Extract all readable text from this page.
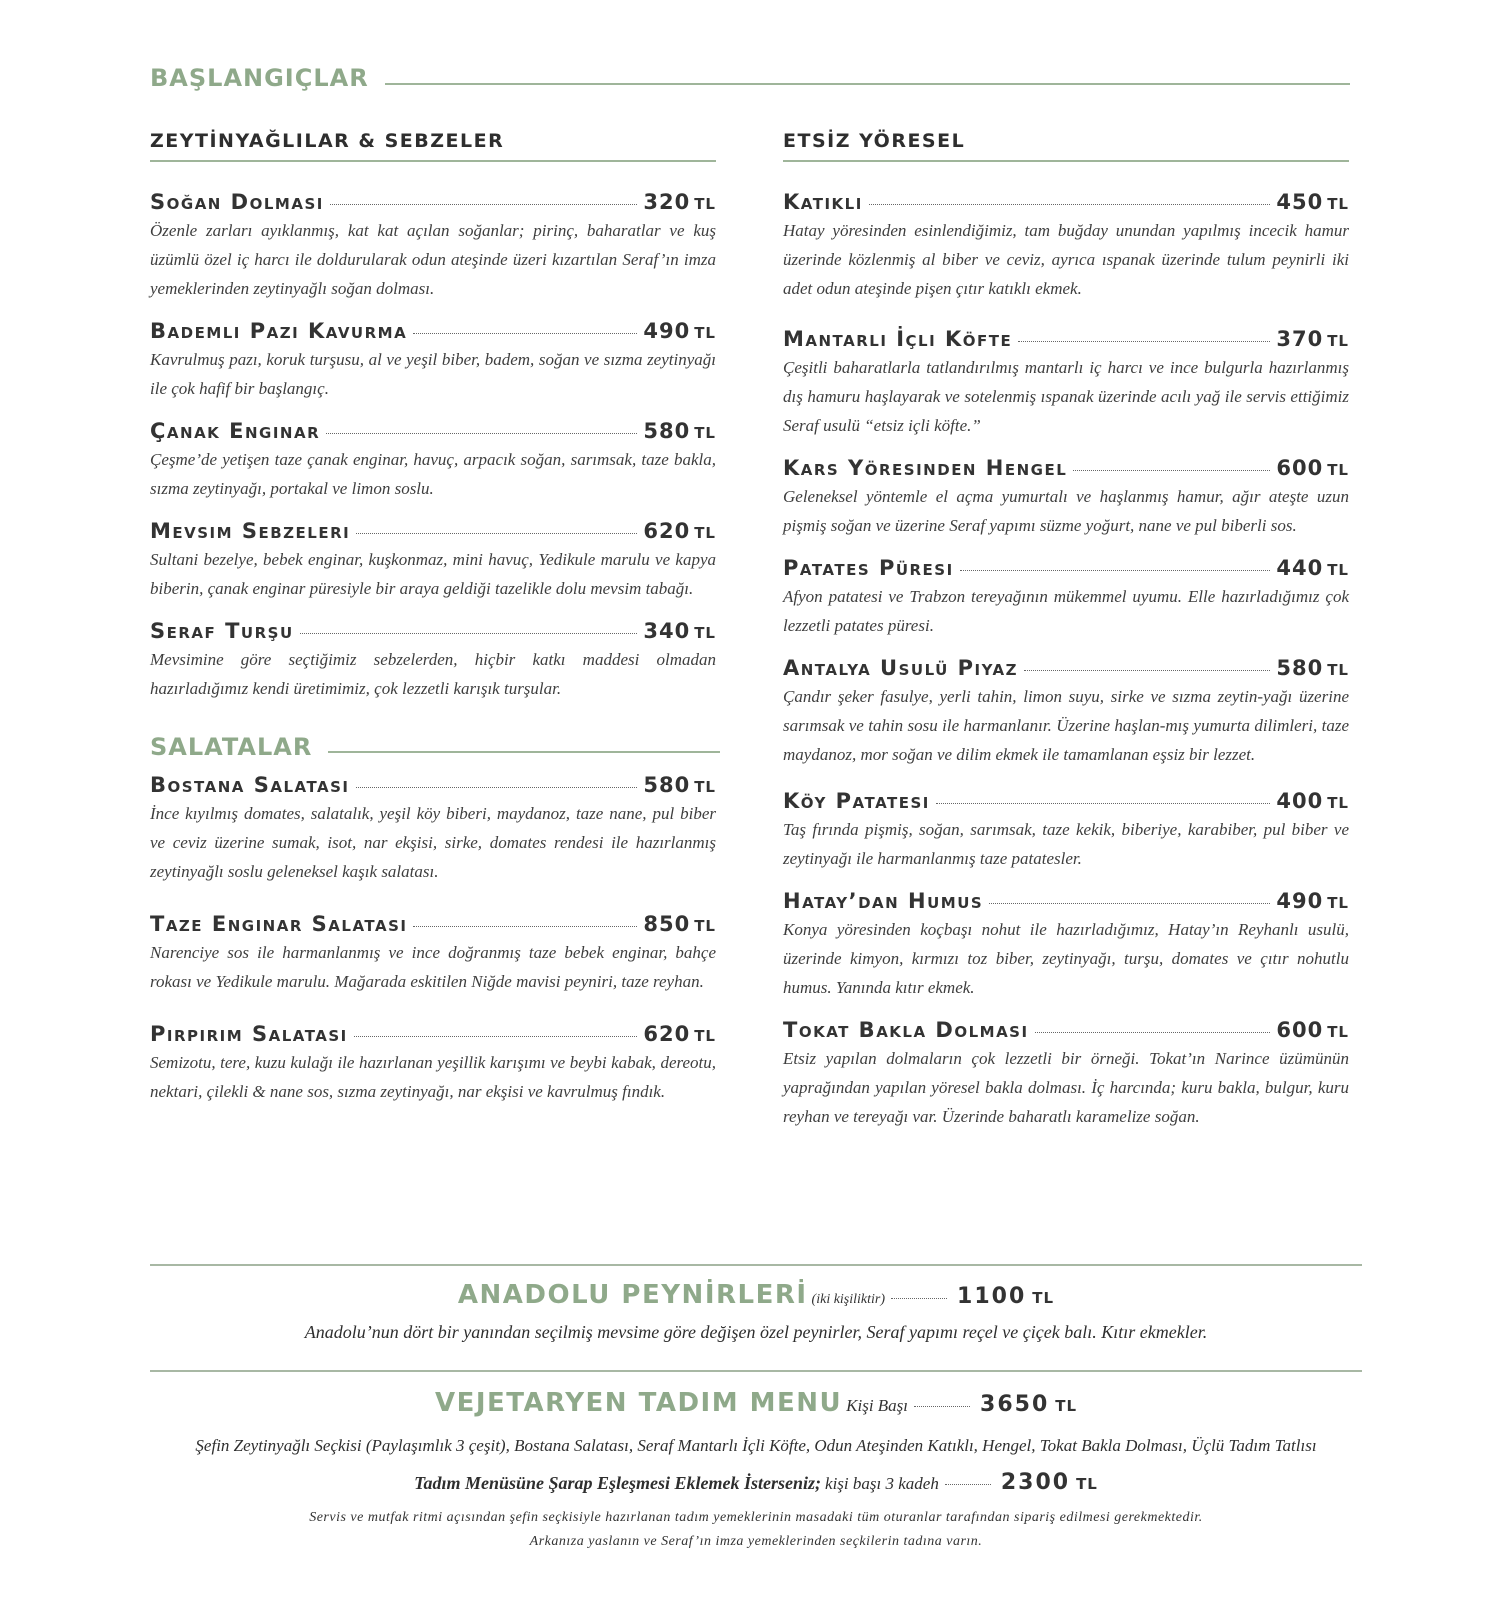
BAŞLANGIÇLAR
ZEYTİNYAĞLILAR & SEBZELER
Soğan Dolması	320 TL
Özenle zarları ayıklanmış, kat kat açılan soğanlar; pirinç, baharatlar ve kuş üzümlü özel iç harcı ile doldurularak odun ateşinde üzeri kızartılan Seraf’ın imza yemeklerinden zeytinyağlı soğan dolması.
Bademli Pazı Kavurma	490 TL
Kavrulmuş pazı, koruk turşusu, al ve yeşil biber, badem, soğan ve sızma zeytinyağı ile çok hafif bir başlangıç.
Çanak Enginar	580 TL
Çeşme’de yetişen taze çanak enginar, havuç, arpacık soğan, sarımsak, taze bakla, sızma zeytinyağı, portakal ve limon soslu.
Mevsim Sebzeleri	620 TL
Sultani bezelye, bebek enginar, kuşkonmaz, mini havuç, Yedikule marulu ve kapya biberin, çanak enginar püresiyle bir araya geldiği tazelikle dolu mevsim tabağı.
Seraf Turşu	340 TL
Mevsimine göre seçtiğimiz sebzelerden, hiçbir katkı maddesi olmadan hazırladığımız kendi üretimimiz, çok lezzetli karışık turşular.
SALATALAR
Bostana Salatası	580 TL
İnce kıyılmış domates, salatalık, yeşil köy biberi, maydanoz, taze nane, pul biber ve ceviz üzerine sumak, isot, nar ekşisi, sirke, domates rendesi ile hazırlanmış zeytinyağlı soslu geleneksel kaşık salatası.
Taze Enginar Salatası	850 TL
Narenciye sos ile harmanlanmış ve ince doğranmış taze bebek enginar, bahçe rokası ve Yedikule marulu. Mağarada eskitilen Niğde mavisi peyniri, taze reyhan.
Pirpirim Salatası	620 TL
Semizotu, tere, kuzu kulağı ile hazırlanan yeşillik karışımı ve beybi kabak, dereotu, nektari, çilekli & nane sos, sızma zeytinyağı, nar ekşisi ve kavrulmuş fındık.
ETSİZ YÖRESEL
Katıklı	450 TL
Hatay yöresinden esinlendiğimiz, tam buğday unundan yapılmış incecik hamur üzerinde közlenmiş al biber ve ceviz, ayrıca ıspanak üzerinde tulum peynirli iki adet odun ateşinde pişen çıtır katıklı ekmek.
Mantarlı İçli Köfte	370 TL
Çeşitli baharatlarla tatlandırılmış mantarlı iç harcı ve ince bulgurla hazırlanmış dış hamuru haşlayarak ve sotelenmiş ıspanak üzerinde acılı yağ ile servis ettiğimiz Seraf usulü “etsiz içli köfte.”
Kars Yöresinden Hengel	600 TL
Geleneksel yöntemle el açma yumurtalı ve haşlanmış hamur, ağır ateşte uzun pişmiş soğan ve üzerine Seraf yapımı süzme yoğurt, nane ve pul biberli sos.
Patates Püresi	440 TL
Afyon patatesi ve Trabzon tereyağının mükemmel uyumu. Elle hazırladığımız çok lezzetli patates püresi.
Antalya Usulü Piyaz	580 TL
Çandır şeker fasulye, yerli tahin, limon suyu, sirke ve sızma zeytin-yağı üzerine sarımsak ve tahin sosu ile harmanlanır. Üzerine haşlan-mış yumurta dilimleri, taze maydanoz, mor soğan ve dilim ekmek ile tamamlanan eşsiz bir lezzet.
Köy Patatesi	400 TL
Taş fırında pişmiş, soğan, sarımsak, taze kekik, biberiye, karabiber, pul biber ve zeytinyağı ile harmanlanmış taze patatesler.
Hatay’dan Humus	490 TL
Konya yöresinden koçbaşı nohut ile hazırladığımız, Hatay’ın Reyhanlı usulü, üzerinde kimyon, kırmızı toz biber, zeytinyağı, turşu, domates ve çıtır nohutlu humus. Yanında kıtır ekmek.
Tokat Bakla Dolması	600 TL
Etsiz yapılan dolmaların çok lezzetli bir örneği. Tokat’ın Narince üzümünün yaprağından yapılan yöresel bakla dolması. İç harcında; kuru bakla, bulgur, kuru reyhan ve tereyağı var. Üzerinde baharatlı karamelize soğan.
ANADOLU PEYNİRLERİ (iki kişiliktir)	1100 TL
Anadolu’nun dört bir yanından seçilmiş mevsime göre değişen özel peynirler, Seraf yapımı reçel ve çiçek balı. Kıtır ekmekler.
VEJETARYEN TADIM MENU Kişi Başı	3650 TL
Şefin Zeytinyağlı Seçkisi (Paylaşımlık 3 çeşit), Bostana Salatası, Seraf Mantarlı İçli Köfte, Odun Ateşinden Katıklı, Hengel, Tokat Bakla Dolması, Üçlü Tadım Tatlısı
Tadım Menüsüne Şarap Eşleşmesi Eklemek İsterseniz; kişi başı 3 kadeh	2300 TL
Servis ve mutfak ritmi açısından şefin seçkisiyle hazırlanan tadım yemeklerinin masadaki tüm oturanlar tarafından sipariş edilmesi gerekmektedir.
Arkanıza yaslanın ve Seraf’ın imza yemeklerinden seçkilerin tadına varın.
